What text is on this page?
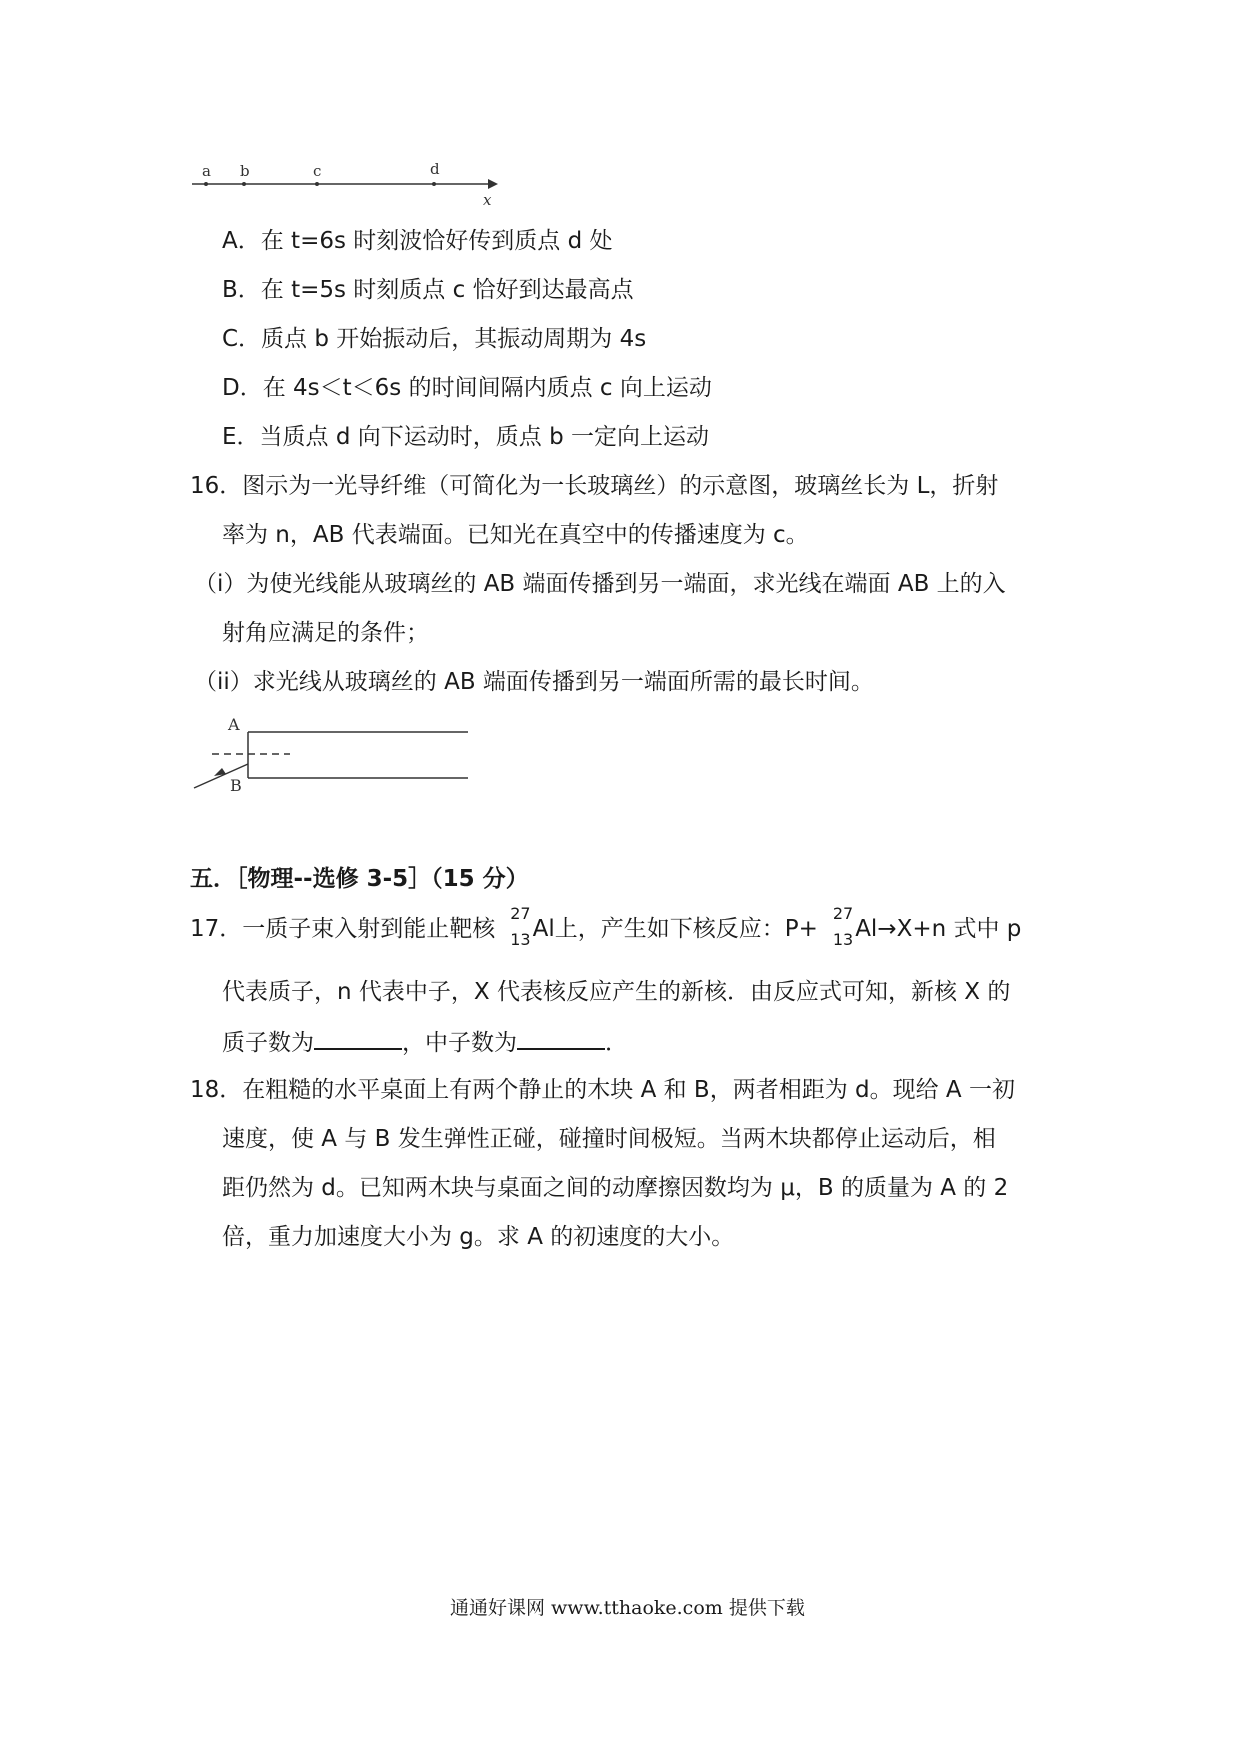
a b	c	d
x
A．在 t=6s 时刻波恰好传到质点 d 处
B．在 t=5s 时刻质点 c 恰好到达最高点
C．质点 b 开始振动后，其振动周期为 4s
D．在 4s＜t＜6s 的时间间隔内质点 c 向上运动
E．当质点 d 向下运动时，质点 b 一定向上运动
16．图示为一光导纤维（可简化为一长玻璃丝）的示意图，玻璃丝长为 L，折射
率为 n，AB 代表端面。已知光在真空中的传播速度为 c。
（i）为使光线能从玻璃丝的 AB 端面传播到另一端面，求光线在端面 AB 上的入
射角应满足的条件；
（ii）求光线从玻璃丝的 AB 端面传播到另一端面所需的最长时间。
A
B
五．［物理--选修 3-5］（15 分）
17．一质子束入射到能止靶核
27
13 Al上，产生如下核反应：P+
27
13 Al→X+n 式中 p
代表质子，n 代表中子，X 代表核反应产生的新核．由反应式可知，新核 X 的
质子数为	，中子数为	．
18．在粗糙的水平桌面上有两个静止的木块 A 和 B，两者相距为 d。现给 A 一初
速度，使 A 与 B 发生弹性正碰，碰撞时间极短。当两木块都停止运动后，相
距仍然为 d。已知两木块与桌面之间的动摩擦因数均为 μ，B 的质量为 A 的 2
倍，重力加速度大小为 g。求 A 的初速度的大小。
通通好课网 www.tthaoke.com 提供下载
